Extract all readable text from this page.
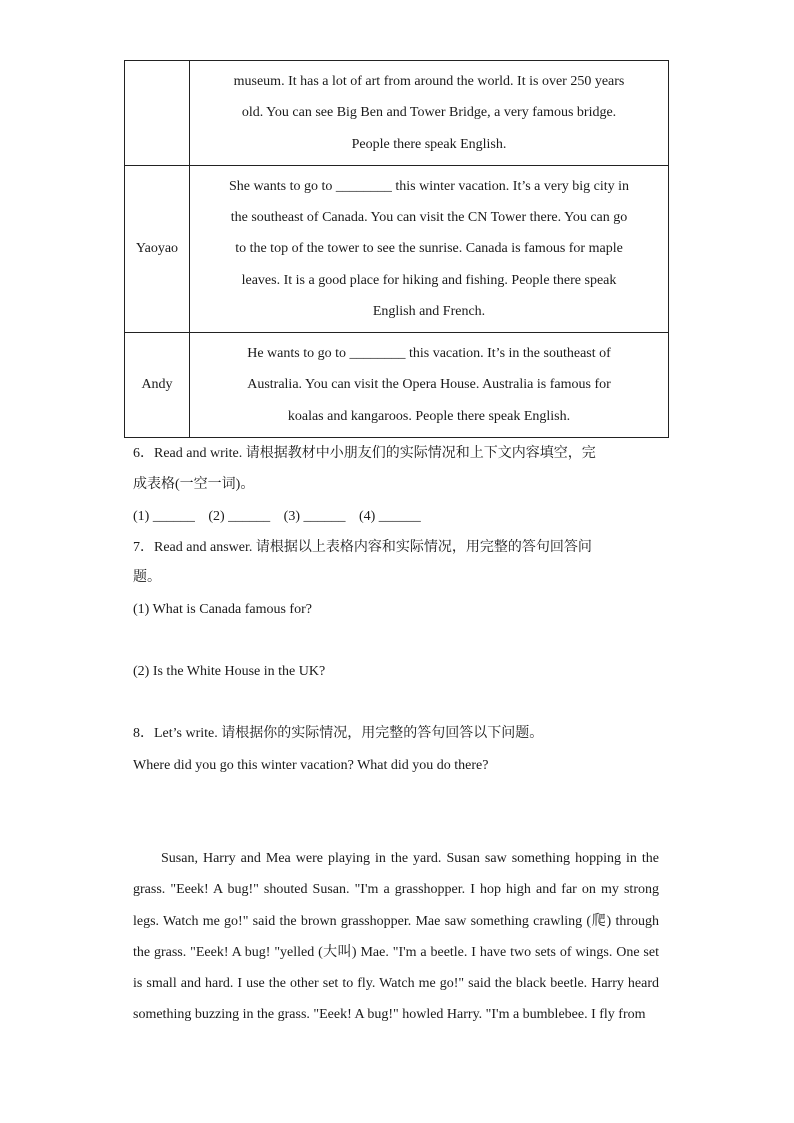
	museum. It has a lot of art from around the world. It is over 250 years
old. You can see Big Ben and Tower Bridge, a very famous bridge.
People there speak English.

Yaoyao	She wants to go to ________ this winter vacation. It’s a very big city in
the southeast of Canada. You can visit the CN Tower there. You can go
to the top of the tower to see the sunrise. Canada is famous for maple
leaves. It is a good place for hiking and fishing. People there speak
English and French.

Andy	He wants to go to ________ this vacation. It’s in the southeast of
Australia. You can visit the Opera House. Australia is famous for
koalas and kangaroos. People there speak English.
6．Read and write. 请根据教材中小朋友们的实际情况和上下文内容填空，完
成表格(一空一词)。
(1) ______ (2) ______ (3) ______ (4) ______
7．Read and answer. 请根据以上表格内容和实际情况，用完整的答句回答问
题。
(1) What is Canada famous for?
(2) Is the White House in the UK?
8．Let’s write. 请根据你的实际情况，用完整的答句回答以下问题。
Where did you go this winter vacation? What did you do there?

Susan, Harry and Mea were playing in the yard. Susan saw something hopping in the grass. "Eeek! A bug!" shouted Susan. "I'm a grasshopper. I hop high and far on my strong legs. Watch me go!" said the brown grasshopper. Mae saw something crawling (爬) through the grass. "Eeek! A bug! "yelled (大叫) Mae. "I'm a beetle. I have two sets of wings. One set is small and hard. I use the other set to fly. Watch me go!" said the black beetle. Harry heard something buzzing in the grass. "Eeek! A bug!" howled Harry. "I'm a bumblebee. I fly from
